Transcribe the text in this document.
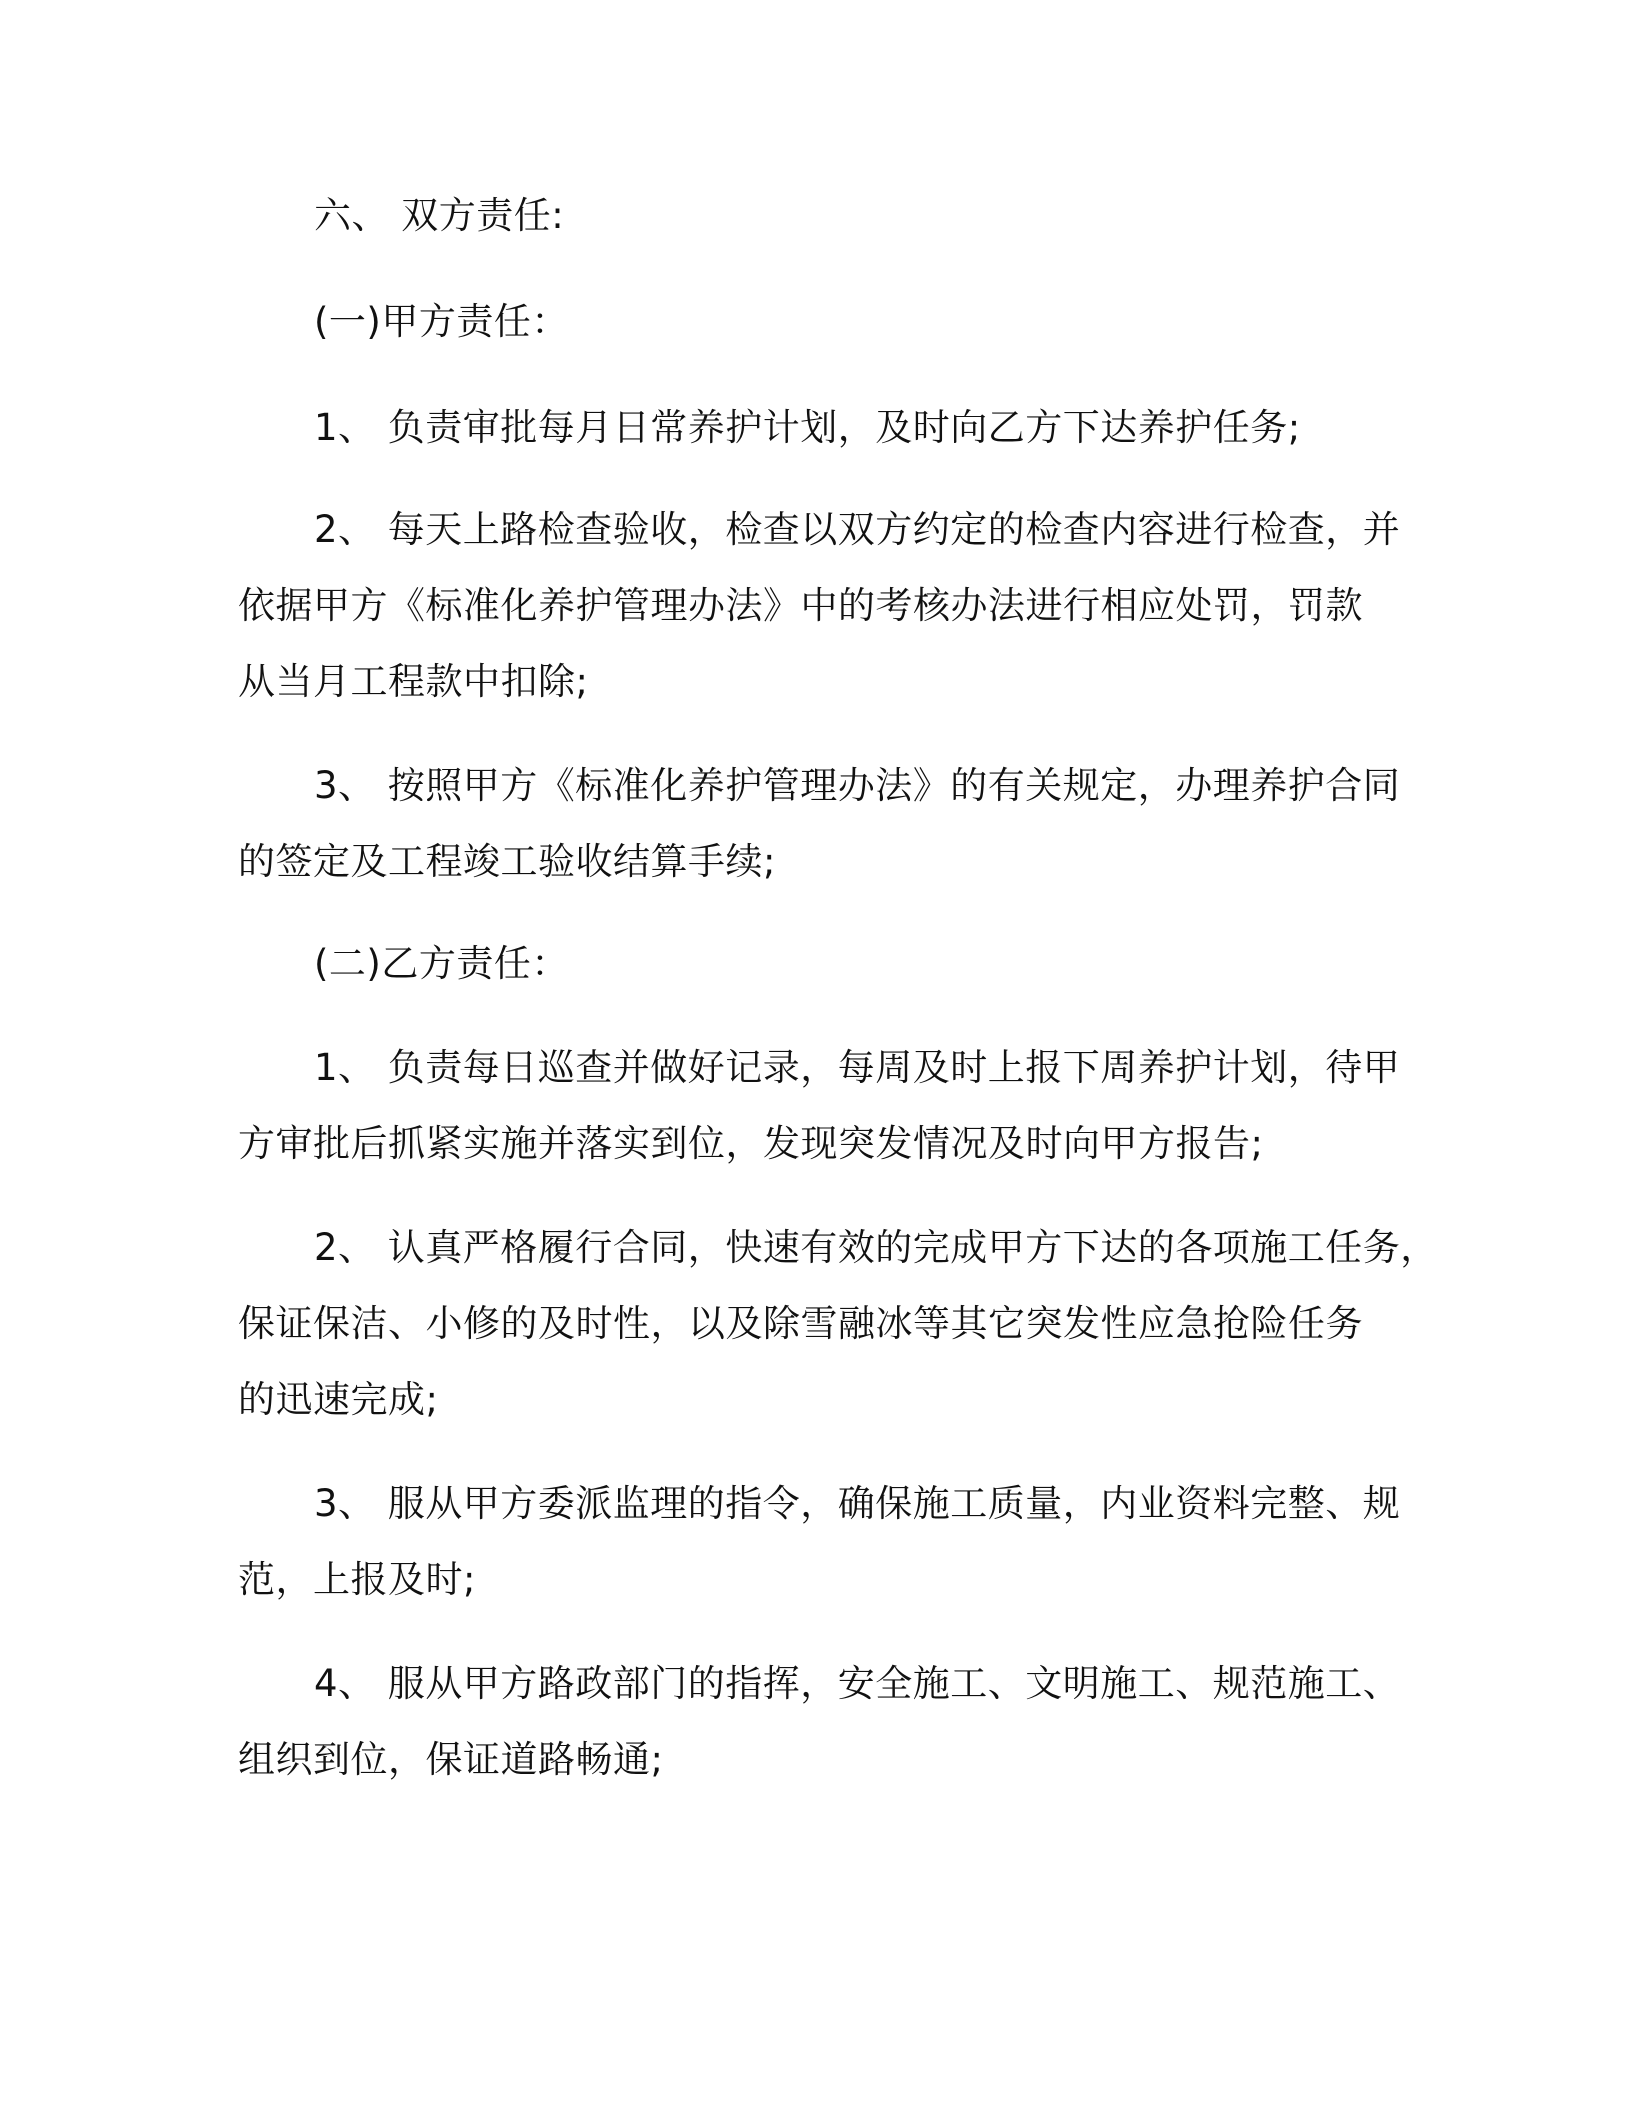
六、 双方责任:
(一)甲方责任：
1、 负责审批每月日常养护计划，及时向乙方下达养护任务;
2、 每天上路检查验收，检查以双方约定的检查内容进行检查，并
依据甲方《标准化养护管理办法》中的考核办法进行相应处罚，罚款
从当月工程款中扣除;
3、 按照甲方《标准化养护管理办法》的有关规定，办理养护合同
的签定及工程竣工验收结算手续;
(二)乙方责任：
1、 负责每日巡查并做好记录，每周及时上报下周养护计划，待甲
方审批后抓紧实施并落实到位，发现突发情况及时向甲方报告;
2、 认真严格履行合同，快速有效的完成甲方下达的各项施工任务，
保证保洁、小修的及时性，以及除雪融冰等其它突发性应急抢险任务
的迅速完成;
3、 服从甲方委派监理的指令，确保施工质量，内业资料完整、规
范，上报及时;
4、 服从甲方路政部门的指挥，安全施工、文明施工、规范施工、
组织到位，保证道路畅通;
